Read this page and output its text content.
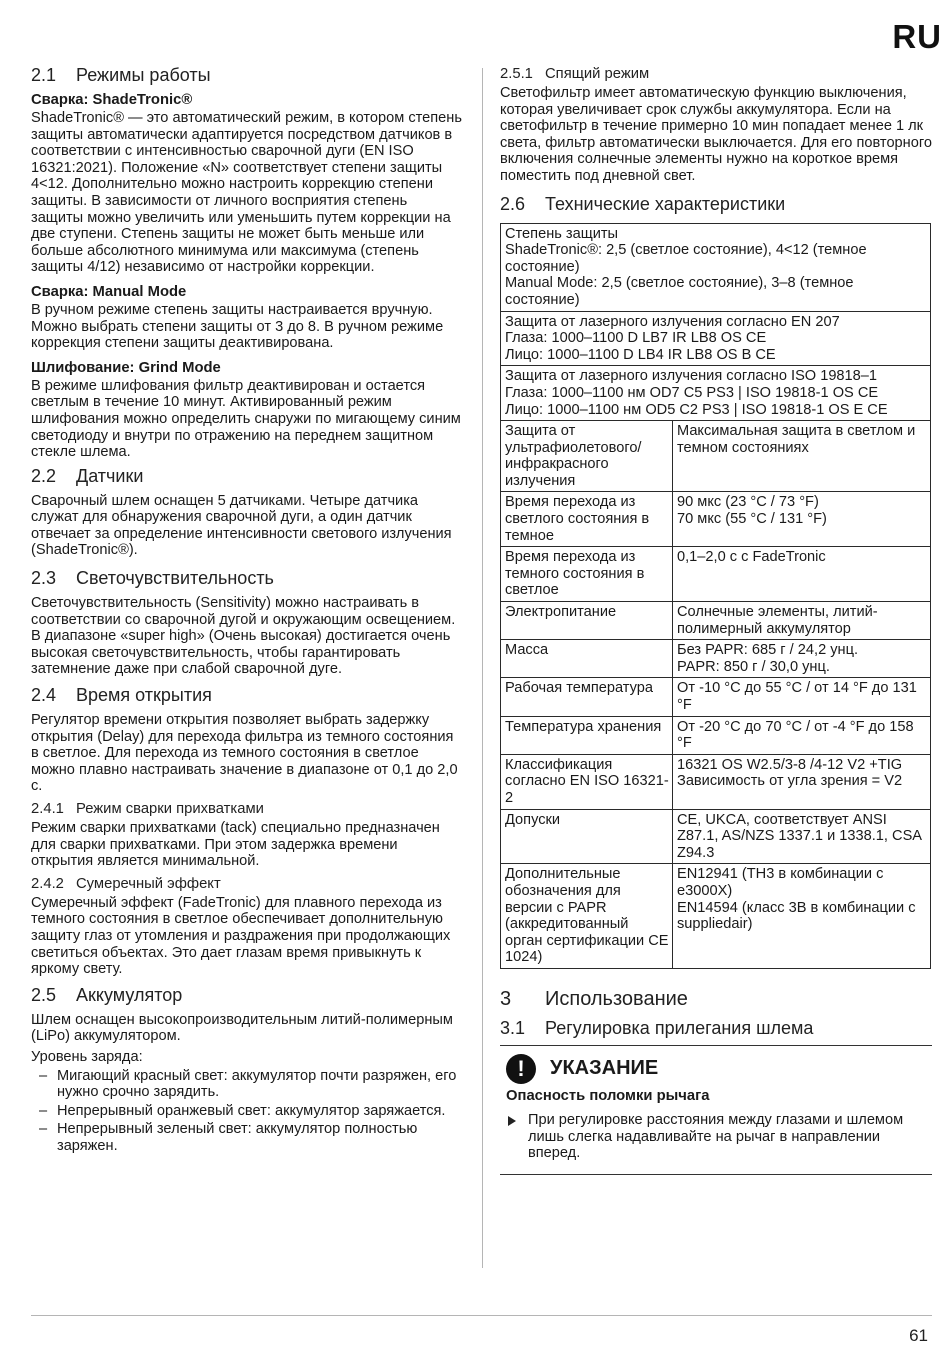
RU
2.1 Режимы работы
Сварка: ShadeTronic®

ShadeTronic® — это автоматический режим, в котором степень защиты автоматически адаптируется посредством датчиков в соответствии с интенсивностью сварочной дуги (EN ISO 16321:2021). Положение «N» соответствует степени защиты 4<12. Дополнительно можно настроить коррекцию степени защиты. В зависимости от личного восприятия степень защиты можно увеличить или уменьшить путем коррекции на две ступени. Степень защиты не может быть меньше или больше абсолютного минимума или максимума (степень защиты 4/12) независимо от настройки коррекции.

Сварка: Manual Mode

В ручном режиме степень защиты настраивается вручную. Можно выбрать степени защиты от 3 до 8. В ручном режиме коррекция степени защиты деактивирована.

Шлифование: Grind Mode

В режиме шлифования фильтр деактивирован и остается светлым в течение 10 минут. Активированный режим шлифования можно определить снаружи по мигающему синим светодиоду и внутри по отражению на переднем защитном стекле шлема.

2.2 Датчики

Сварочный шлем оснащен 5 датчиками. Четыре датчика служат для обнаружения сварочной дуги, а один датчик отвечает за определение интенсивности светового излучения (ShadeTronic®).

2.3 Светочувствительность

Светочувствительность (Sensitivity) можно настраивать в соответствии со сварочной дугой и окружающим освещением. В диапазоне «super high» (Очень высокая) достигается очень высокая светочувствительность, чтобы гарантировать затемнение даже при слабой сварочной дуге.

2.4 Время открытия

Регулятор времени открытия позволяет выбрать задержку открытия (Delay) для перехода фильтра из темного состояния в светлое. Для перехода из темного состояния в светлое можно плавно настраивать значение в диапазоне от 0,1 до 2,0 с.

2.4.1 Режим сварки прихватками

Режим сварки прихватками (tack) специально предназначен для сварки прихватками. При этом задержка времени открытия является минимальной.

2.4.2 Сумеречный эффект

Сумеречный эффект (FadeTronic) для плавного перехода из темного состояния в светлое обеспечивает дополнительную защиту глаз от утомления и раздражения при продолжающих светиться объектах. Это дает глазам время привыкнуть к яркому свету.

2.5 Аккумулятор

Шлем оснащен высокопроизводительным литий-полимерным (LiPo) аккумулятором.

Уровень заряда:

– Мигающий красный свет: аккумулятор почти разряжен, его нужно срочно зарядить.
– Непрерывный оранжевый свет: аккумулятор заряжается.
– Непрерывный зеленый свет: аккумулятор полностью заряжен.
2.5.1 Спящий режим

Светофильтр имеет автоматическую функцию выключения, которая увеличивает срок службы аккумулятора. Если на светофильтр в течение примерно 10 мин попадает менее 1 лк света, фильтр автоматически выключается. Для его повторного включения солнечные элементы нужно на короткое время поместить под дневной свет.

2.6 Технические характеристики
Степень защиты
ShadeTronic®: 2,5 (светлое состояние), 4<12 (темное состояние)
Manual Mode: 2,5 (светлое состояние), 3–8 (темное состояние)	

Защита от лазерного излучения согласно EN 207
Глаза: 1000–1100 D LB7 IR LB8 OS CE
Лицо: 1000–1100 D LB4 IR LB8 OS B CE	

Защита от лазерного излучения согласно ISO 19818–1
Глаза: 1000–1100 нм OD7 C5 PS3 | ISO 19818-1 OS CE
Лицо: 1000–1100 нм OD5 C2 PS3 | ISO 19818-1 OS E CE	

Защита от ультрафиолетового/ инфракрасного излучения	Максимальная защита в светлом и темном состояниях

Время перехода из светлого состояния в темное	90 мкс (23 °C / 73 °F)
70 мкс (55 °C / 131 °F)

Время перехода из темного состояния в светлое	0,1–2,0 с с FadeTronic

Электропитание	Солнечные элементы, литий-полимерный аккумулятор

Масса	Без PAPR: 685 г / 24,2 унц.
PAPR: 850 г / 30,0 унц.

Рабочая температура	От -10 °C до 55 °C / от 14 °F до 131 °F

Температура хранения	От -20 °C до 70 °C / от -4 °F до 158 °F

Классификация согласно EN ISO 16321-2	16321 OS W2.5/3-8 /4-12 V2 +TIG
Зависимость от угла зрения = V2

Допуски	CE, UKCA, соответствует ANSI Z87.1, AS/NZS 1337.1 и 1338.1, CSA Z94.3

Дополнительные обозначения для версии с PAPR (аккредитованный орган сертификации CE 1024)	EN12941 (TH3 в комбинации с e3000X)
EN14594 (класс 3B в комбинации с suppliedair)
3 Использование
3.1 Регулировка прилегания шлема
!	УКАЗАНИЕ
Опасность поломки рычага
При регулировке расстояния между глазами и шлемом лишь слегка надавливайте на рычаг в направлении вперед.
61
